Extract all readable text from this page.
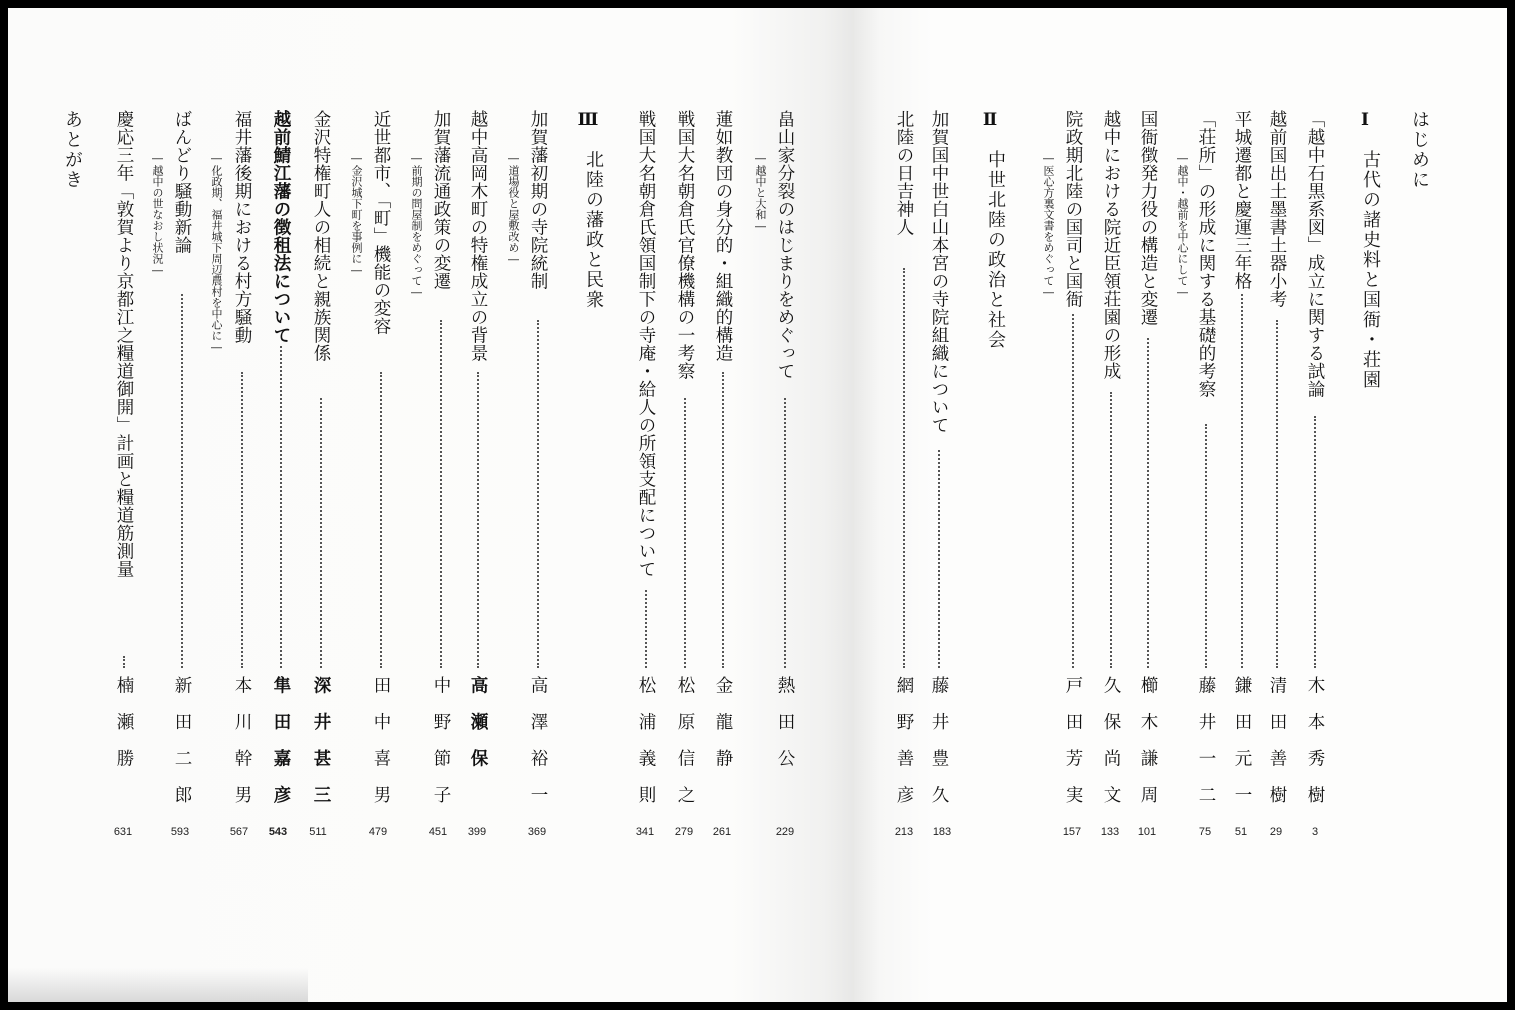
はじめに
Ⅰ
古代の諸史料と国衙・荘園
「越中石黒系図」成立に関する試論
木本秀樹
3
越前国出土墨書土器小考
清田善樹
29
平城遷都と慶運三年格
鎌田元一
51
「荘所」の形成に関する基礎的考察
―越中・越前を中心にして―
藤井一二
75
国衙徴発力役の構造と変遷
櫛木謙周
101
越中における院近臣領荘園の形成
久保尚文
133
院政期北陸の国司と国衙
―医心方裏文書をめぐって―
戸田芳実
157
Ⅱ
中世北陸の政治と社会
加賀国中世白山本宮の寺院組織について
藤井豊久
183
北陸の日吉神人
網野善彦
213
畠山家分裂のはじまりをめぐって
―越中と大和―
熱田公
229
蓮如教団の身分的・組織的構造
金龍静
261
戦国大名朝倉氏官僚機構の一考察
松原信之
279
戦国大名朝倉氏領国制下の寺庵・給人の所領支配について
松浦義則
341
Ⅲ
北陸の藩政と民衆
加賀藩初期の寺院統制
―道場役と屋敷改め―
高澤裕一
369
越中高岡木町の特権成立の背景
高瀬保
399
加賀藩流通政策の変遷
―前期の問屋制をめぐって―
中野節子
451
近世都市、「町」機能の変容
―金沢城下町を事例に―
田中喜男
479
金沢特権町人の相続と親族関係
深井甚三
511
越前鯖江藩の徴租法について
隼田嘉彦
543
福井藩後期における村方騒動
―化政期、福井城下周辺農村を中心に―
本川幹男
567
ばんどり騒動新論
―越中の世なおし状況―
新田二郎
593
慶応三年「敦賀より京都江之糧道御開」計画と糧道筋測量
楠瀬勝
631
あとがき
